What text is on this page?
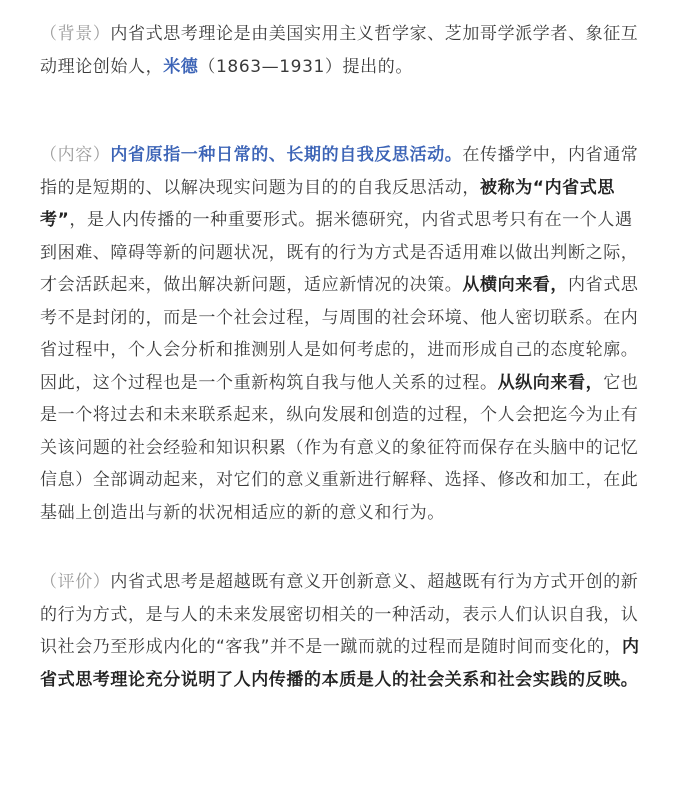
（背景）内省式思考理论是由美国实用主义哲学家、芝加哥学派学者、象征互动理论创始人，米德（1863—1931）提出的。
（内容）内省原指一种日常的、长期的自我反思活动。在传播学中，内省通常指的是短期的、以解决现实问题为目的的自我反思活动，被称为“内省式思考”，是人内传播的一种重要形式。据米德研究，内省式思考只有在一个人遇到困难、障碍等新的问题状况，既有的行为方式是否适用难以做出判断之际，才会活跃起来，做出解决新问题，适应新情况的决策。从横向来看，内省式思考不是封闭的，而是一个社会过程，与周围的社会环境、他人密切联系。在内省过程中，个人会分析和推测别人是如何考虑的，进而形成自己的态度轮廓。因此，这个过程也是一个重新构筑自我与他人关系的过程。从纵向来看，它也是一个将过去和未来联系起来，纵向发展和创造的过程，个人会把迄今为止有关该问题的社会经验和知识积累（作为有意义的象征符而保存在头脑中的记忆信息）全部调动起来，对它们的意义重新进行解释、选择、修改和加工，在此基础上创造出与新的状况相适应的新的意义和行为。
（评价）内省式思考是超越既有意义开创新意义、超越既有行为方式开创的新的行为方式，是与人的未来发展密切相关的一种活动，表示人们认识自我，认识社会乃至形成内化的“客我”并不是一蹴而就的过程而是随时间而变化的，内省式思考理论充分说明了人内传播的本质是人的社会关系和社会实践的反映。
